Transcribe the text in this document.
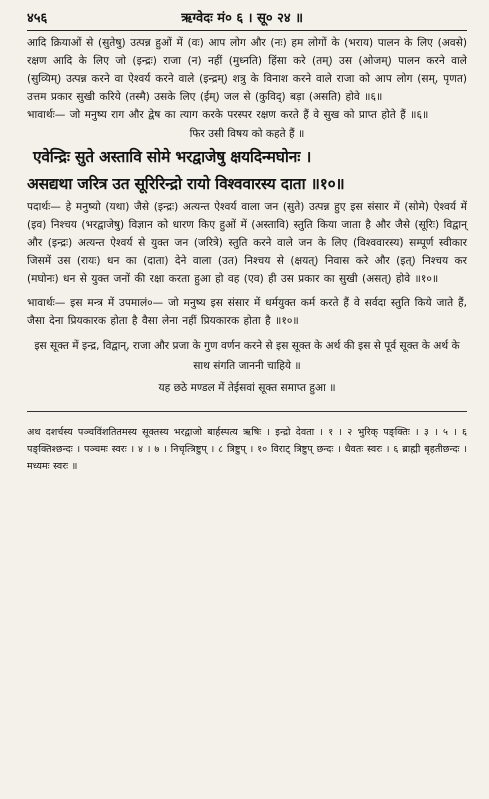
४५६	ऋग्वेदः मं० ६ । सू० २४ ॥

आदि क्रियाओं से (सुतेषु) उत्पन्न हुओं में (वः) आप लोग और (नः) हम लोगों के (भराय) पालन के लिए (अवसे) रक्षण आदि के लिए जो (इन्द्रः) राजा (न) नहीं (मुध्नति) हिंसा करे (तम्) उस (ओजम्) पालन करने वाले (सुव्यिम्) उत्पन्न करने वा ऐश्वर्य करने वाले (इन्द्रम्) शत्रु के विनाश करने वाले राजा को आप लोग (सम्, पृणत) उत्तम प्रकार सुखी करिये (तस्मै) उसके लिए (ईम्) जल से (कुविद्) बड़ा (असति) होवे ॥६॥

भावार्थः— जो मनुष्य राग और द्वेष का त्याग करके परस्पर रक्षण करते हैं वे सुख को प्राप्त होते हैं ॥६॥

फिर उसी विषय को कहते हैं ॥

एवेन्द्रिः सुते अस्तावि सोमे भरद्वाजेषु क्षयदिन्मघोनः ।

असद्यथा जरित्र उत सूरिरिन्द्रो रायो विश्ववारस्य दाता ॥१०॥

पदार्थः— हे मनुष्यो (यथा) जैसे (इन्द्रः) अत्यन्त ऐश्वर्य वाला जन (सुते) उत्पन्न हुए इस संसार में (सोमे) ऐश्वर्य में (इव) निश्चय (भरद्वाजेषु) विज्ञान को धारण किए हुओं में (अस्तावि) स्तुति किया जाता है और जैसे (सूरिः) विद्वान् और (इन्द्रः) अत्यन्त ऐश्वर्य से युक्त जन (जरित्रे) स्तुति करने वाले जन के लिए (विश्ववारस्य) सम्पूर्ण स्वीकार जिसमें उस (रायः) धन का (दाता) देने वाला (उत) निश्चय से (क्षयत्) निवास करे और (इत्) निश्चय कर (मघोनः) धन से युक्त जनों की रक्षा करता हुआ हो वह (एव) ही उस प्रकार का सुखी (असत्) होवे ॥१०॥

भावार्थः— इस मन्त्र में उपमालं०— जो मनुष्य इस संसार में धर्मयुक्त कर्म करते हैं वे सर्वदा स्तुति किये जाते हैं, जैसा देना प्रियकारक होता है वैसा लेना नहीं प्रियकारक होता है ॥१०॥

इस सूक्त में इन्द्र, विद्वान्, राजा और प्रजा के गुण वर्णन करने से इस सूक्त के अर्थ की इस से पूर्व सूक्त के अर्थ के साथ संगति जाननी चाहिये ॥

यह छठे मण्डल में तेईसवां सूक्त समाप्त हुआ ॥

अथ दशर्चस्य पञ्चविंशतितमस्य सूक्तस्य भरद्वाजो बार्हस्पत्य ऋषिः । इन्द्रो देवता । १ । २ भुरिक् पङ्क्तिः । ३ । ५ । ६ पङ्क्तिश्छन्दः । पञ्चमः स्वरः । ४ । ७ । निचृत्त्रिष्टुप् । ८ त्रिष्टुप् । १० विराट् त्रिष्टुप् छन्दः । धैवतः स्वरः । ६ ब्राह्मी बृहतीछन्दः । मध्यमः स्वरः ॥
